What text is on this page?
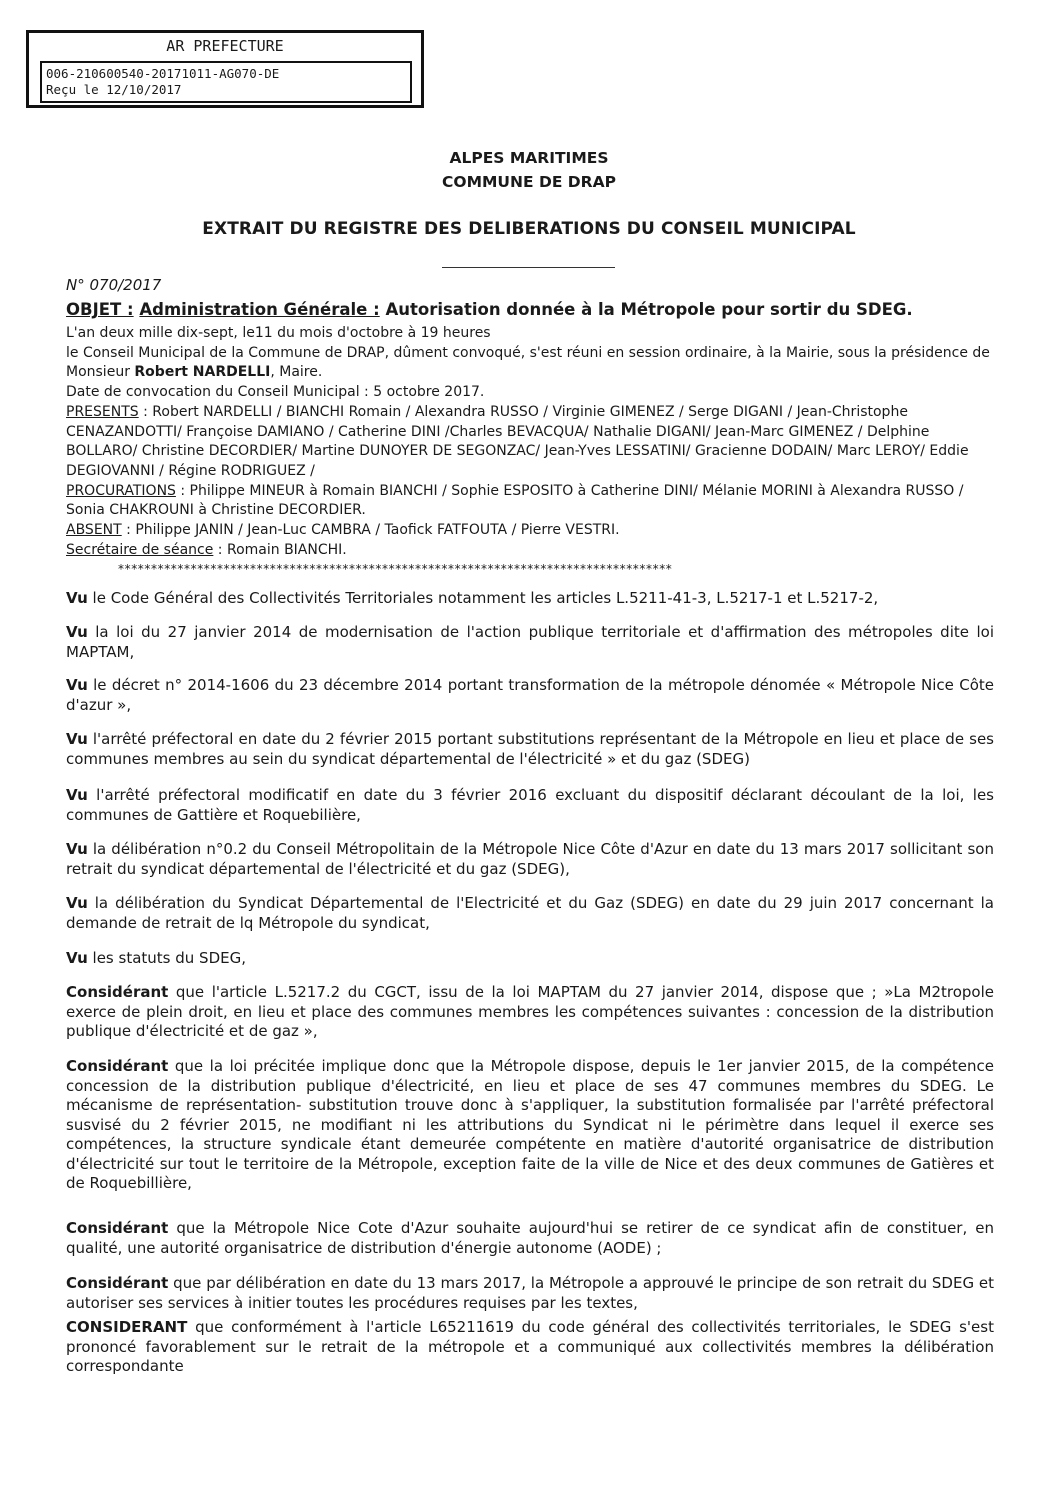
AR PREFECTURE
006-210600540-20171011-AG070-DE
Reçu le 12/10/2017
ALPES MARITIMES
COMMUNE DE DRAP
EXTRAIT DU REGISTRE DES DELIBERATIONS DU CONSEIL MUNICIPAL
N° 070/2017
OBJET : Administration Générale : Autorisation donnée à la Métropole pour sortir du SDEG.

L'an deux mille dix-sept, le11 du mois d'octobre à 19 heures

le Conseil Municipal de la Commune de DRAP, dûment convoqué, s'est réuni en session ordinaire, à la Mairie, sous la présidence de Monsieur Robert NARDELLI, Maire.

Date de convocation du Conseil Municipal : 5 octobre 2017.

PRESENTS : Robert NARDELLI / BIANCHI Romain / Alexandra RUSSO / Virginie GIMENEZ / Serge DIGANI / Jean-Christophe CENAZANDOTTI/ Françoise DAMIANO / Catherine DINI /Charles BEVACQUA/ Nathalie DIGANI/ Jean-Marc GIMENEZ / Delphine BOLLARO/ Christine DECORDIER/ Martine DUNOYER DE SEGONZAC/ Jean-Yves LESSATINI/ Gracienne DODAIN/ Marc LEROY/ Eddie DEGIOVANNI / Régine RODRIGUEZ /

PROCURATIONS : Philippe MINEUR à Romain BIANCHI / Sophie ESPOSITO à Catherine DINI/ Mélanie MORINI à Alexandra RUSSO / Sonia CHAKROUNI à Christine DECORDIER.

ABSENT : Philippe JANIN / Jean-Luc CAMBRA / Taofick FATFOUTA / Pierre VESTRI.

Secrétaire de séance : Romain BIANCHI.

************************************************************************************

Vu le Code Général des Collectivités Territoriales notamment les articles L.5211-41-3, L.5217-1 et L.5217-2,

Vu la loi du 27 janvier 2014 de modernisation de l'action publique territoriale et d'affirmation des métropoles dite loi MAPTAM,

Vu le décret n° 2014-1606 du 23 décembre 2014 portant transformation de la métropole dénomée « Métropole Nice Côte d'azur »,

Vu l'arrêté préfectoral en date du 2 février 2015 portant substitutions représentant de la Métropole en lieu et place de ses communes membres au sein du syndicat départemental de l'électricité » et du gaz (SDEG)

Vu l'arrêté préfectoral modificatif en date du 3 février 2016 excluant du dispositif déclarant découlant de la loi, les communes de Gattière et Roquebilière,

Vu la délibération n°0.2 du Conseil Métropolitain de la Métropole Nice Côte d'Azur en date du 13 mars 2017 sollicitant son retrait du syndicat départemental de l'électricité et du gaz (SDEG),

Vu la délibération du Syndicat Départemental de l'Electricité et du Gaz (SDEG) en date du 29 juin 2017 concernant la demande de retrait de lq Métropole du syndicat,

Vu les statuts du SDEG,

Considérant que l'article L.5217.2 du CGCT, issu de la loi MAPTAM du 27 janvier 2014, dispose que ; »La M2tropole exerce de plein droit, en lieu et place des communes membres les compétences suivantes : concession de la distribution publique d'électricité et de gaz »,

Considérant que la loi précitée implique donc que la Métropole dispose, depuis le 1er janvier 2015, de la compétence concession de la distribution publique d'électricité, en lieu et place de ses 47 communes membres du SDEG. Le mécanisme de représentation- substitution trouve donc à s'appliquer, la substitution formalisée par l'arrêté préfectoral susvisé du 2 février 2015, ne modifiant ni les attributions du Syndicat ni le périmètre dans lequel il exerce ses compétences, la structure syndicale étant demeurée compétente en matière d'autorité organisatrice de distribution d'électricité sur tout le territoire de la Métropole, exception faite de la ville de Nice et des deux communes de Gatières et de Roquebillière,

Considérant que la Métropole Nice Cote d'Azur souhaite aujourd'hui se retirer de ce syndicat afin de constituer, en qualité, une autorité organisatrice de distribution d'énergie autonome (AODE) ;

Considérant que par délibération en date du 13 mars 2017, la Métropole a approuvé le principe de son retrait du SDEG et autoriser ses services à initier toutes les procédures requises par les textes,

CONSIDERANT que conformément à l'article L65211619 du code général des collectivités territoriales, le SDEG s'est prononcé favorablement sur le retrait de la métropole et a communiqué aux collectivités membres la délibération correspondante
